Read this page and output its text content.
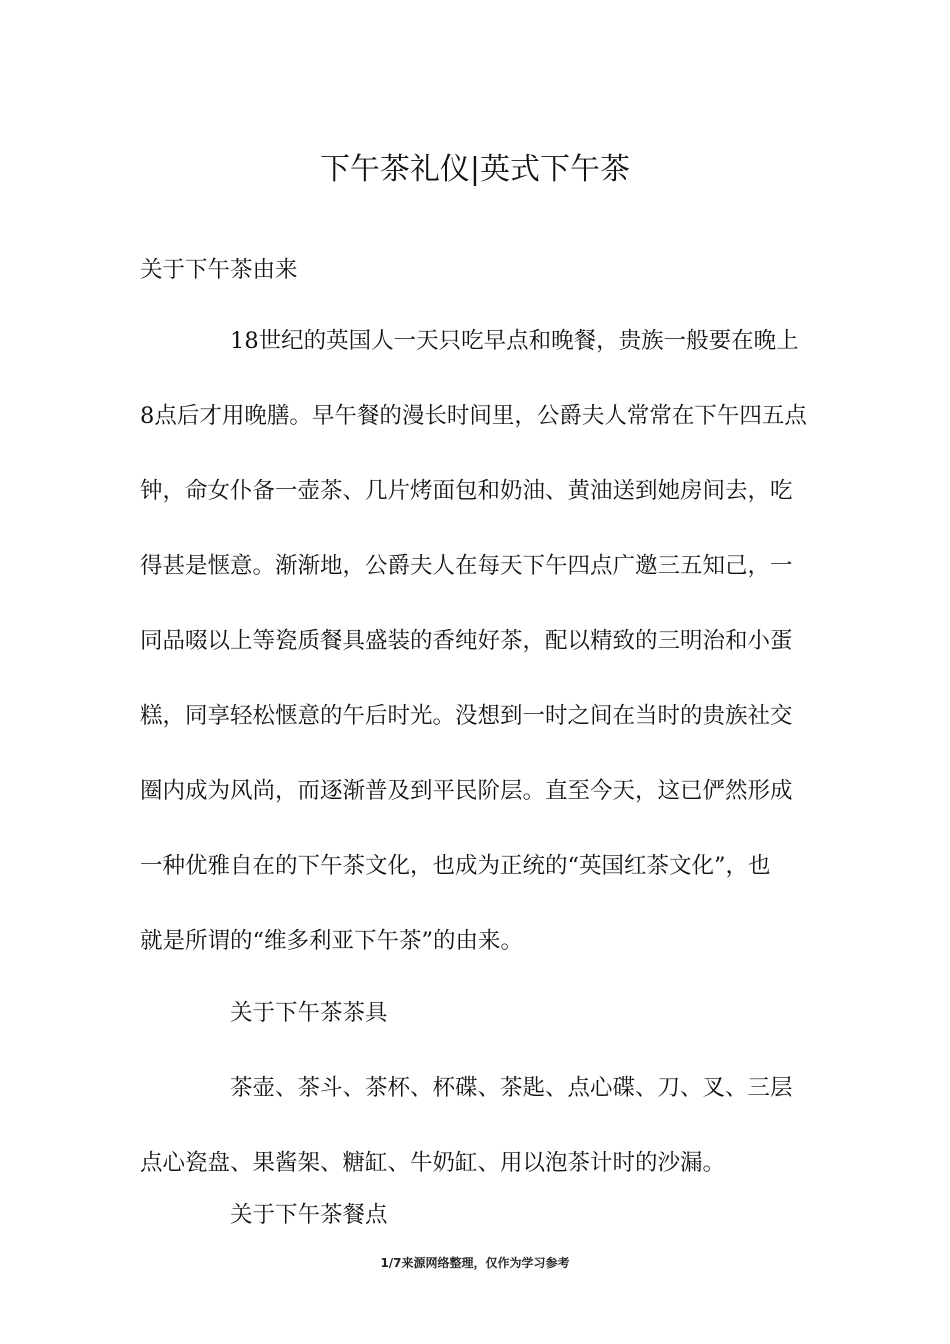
下午茶礼仪|英式下午茶
关于下午茶由来
18世纪的英国人一天只吃早点和晚餐，贵族一般要在晚上
8点后才用晚膳。早午餐的漫长时间里，公爵夫人常常在下午四五点
钟，命女仆备一壶茶、几片烤面包和奶油、黄油送到她房间去，吃
得甚是惬意。渐渐地，公爵夫人在每天下午四点广邀三五知己，一
同品啜以上等瓷质餐具盛装的香纯好茶，配以精致的三明治和小蛋
糕，同享轻松惬意的午后时光。没想到一时之间在当时的贵族社交
圈内成为风尚，而逐渐普及到平民阶层。直至今天，这已俨然形成
一种优雅自在的下午茶文化，也成为正统的“英国红茶文化”，也
就是所谓的“维多利亚下午茶”的由来。
关于下午茶茶具
茶壶、茶斗、茶杯、杯碟、茶匙、点心碟、刀、叉、三层
点心瓷盘、果酱架、糖缸、牛奶缸、用以泡茶计时的沙漏。
关于下午茶餐点
1/7来源网络整理，仅作为学习参考
